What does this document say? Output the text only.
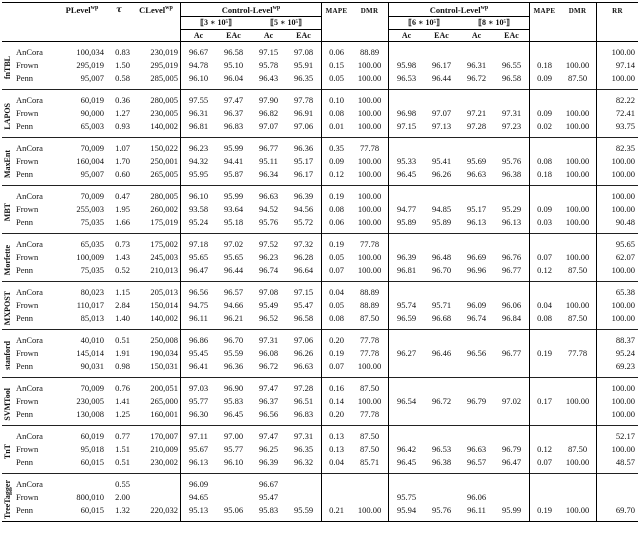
		PLevel$^{wp}$	τ	CLevel$^{wp}$	Control-Level$^{wp}$				MAPE	DMR	Control-Level$^{wp}$				MAPE	DMR	RR
					⟦3 ∗ 10⁵⟧		⟦5 ∗ 10⁵⟧				⟦6 ∗ 10⁵⟧		⟦8 ∗ 10⁵⟧				
					Ac	EAc	Ac	EAc			Ac	EAc	Ac	EAc			

fnTBL	AnCora	100,034	0.83	230,019	96.67	96.58	97.15	97.08	0.06	88.89							100.00
	Frown	295,019	1.50	295,019	94.78	95.10	95.78	95.91	0.15	100.00	95.98	96.17	96.31	96.55	0.18	100.00	97.14
	Penn	95,007	0.58	285,005	96.10	96.04	96.43	96.35	0.05	100.00	96.53	96.44	96.72	96.58	0.09	87.50	100.00

LAPOS	AnCora	60,019	0.36	280,005	97.55	97.47	97.90	97.78	0.10	100.00							82.22
	Frown	90,000	1.27	230,005	96.31	96.37	96.82	96.91	0.08	100.00	96.98	97.07	97.21	97.31	0.09	100.00	72.41
	Penn	65,003	0.93	140,002	96.81	96.83	97.07	97.06	0.01	100.00	97.15	97.13	97.28	97.23	0.02	100.00	93.75

MaxEnt	AnCora	70,009	1.07	150,022	96.23	95.99	96.77	96.36	0.35	77.78							82.35
	Frown	160,004	1.70	250,001	94.32	94.41	95.11	95.17	0.09	100.00	95.33	95.41	95.69	95.76	0.08	100.00	100.00
	Penn	95,007	0.60	265,005	95.95	95.87	96.34	96.17	0.12	100.00	96.45	96.26	96.63	96.38	0.18	100.00	100.00

MBT	AnCora	70,009	0.47	280,005	96.10	95.99	96.63	96.39	0.19	100.00							100.00
	Frown	255,003	1.95	260,002	93.58	93.64	94.52	94.56	0.08	100.00	94.77	94.85	95.17	95.29	0.09	100.00	100.00
	Penn	75,035	1.66	175,019	95.24	95.18	95.76	95.72	0.06	100.00	95.89	95.89	96.13	96.13	0.03	100.00	90.48

Morfette	AnCora	65,035	0.73	175,002	97.18	97.02	97.52	97.32	0.19	77.78							95.65
	Frown	100,009	1.43	245,003	95.65	95.65	96.23	96.28	0.05	100.00	96.39	96.48	96.69	96.76	0.07	100.00	62.07
	Penn	75,035	0.52	210,013	96.47	96.44	96.74	96.64	0.07	100.00	96.81	96.70	96.96	96.77	0.12	87.50	100.00

MXPOST	AnCora	80,023	1.15	205,013	96.56	96.57	97.08	97.15	0.04	88.89							65.38
	Frown	110,017	2.84	150,014	94.75	94.66	95.49	95.47	0.05	88.89	95.74	95.71	96.09	96.06	0.04	100.00	100.00
	Penn	85,013	1.40	140,002	96.11	96.21	96.52	96.58	0.08	87.50	96.59	96.68	96.74	96.84	0.08	87.50	100.00

stanford	AnCora	40,010	0.51	250,008	96.86	96.70	97.31	97.06	0.20	77.78							88.37
	Frown	145,014	1.91	190,034	95.45	95.59	96.08	96.26	0.19	77.78	96.27	96.46	96.56	96.77	0.19	77.78	95.24
	Penn	90,031	0.98	150,031	96.41	96.36	96.72	96.63	0.07	100.00							69.23

SVMTool	AnCora	70,009	0.76	200,051	97.03	96.90	97.47	97.28	0.16	87.50							100.00
	Frown	230,005	1.41	265,000	95.77	95.83	96.37	96.51	0.14	100.00	96.54	96.72	96.79	97.02	0.17	100.00	100.00
	Penn	130,008	1.25	160,001	96.30	96.45	96.56	96.83	0.20	77.78							100.00

TnT	AnCora	60,019	0.77	170,007	97.11	97.00	97.47	97.31	0.13	87.50							52.17
	Frown	95,018	1.51	210,009	95.67	95.77	96.25	96.35	0.13	87.50	96.42	96.53	96.63	96.79	0.12	87.50	100.00
	Penn	60,015	0.51	230,002	96.13	96.10	96.39	96.32	0.04	85.71	96.45	96.38	96.57	96.47	0.07	100.00	48.57

TreeTagger	AnCora		0.55		96.09		96.67										
	Frown	800,010	2.00		94.65		95.47				95.75		96.06				
	Penn	60,015	1.32	220,032	95.13	95.06	95.83	95.59	0.21	100.00	95.94	95.76	96.11	95.99	0.19	100.00	69.70
